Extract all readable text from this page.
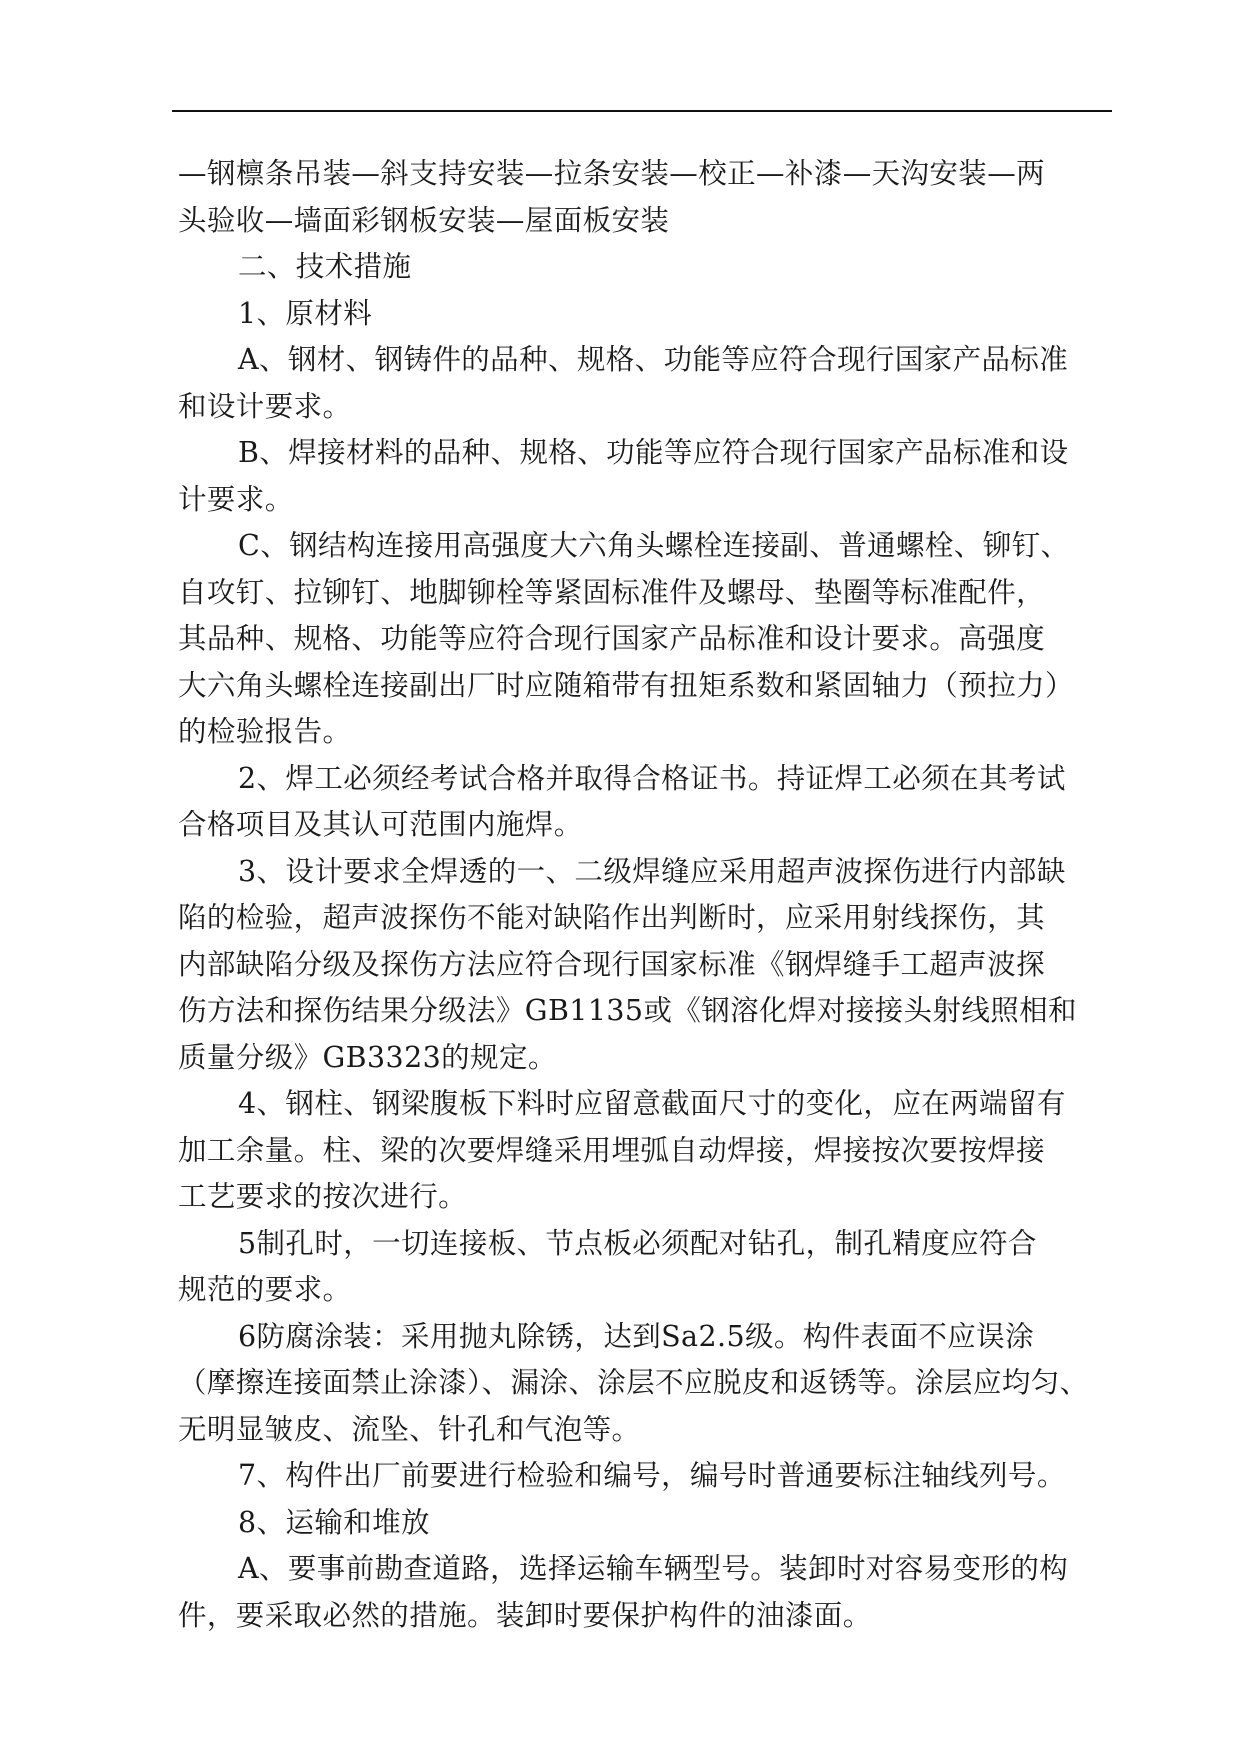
—钢檩条吊装—斜支持安装—拉条安装—校正—补漆—天沟安装—两
头验收—墙面彩钢板安装—屋面板安装
二、技术措施
1、原材料
A、钢材、钢铸件的品种、规格、功能等应符合现行国家产品标准
和设计要求。
B、焊接材料的品种、规格、功能等应符合现行国家产品标准和设
计要求。
C、钢结构连接用高强度大六角头螺栓连接副、普通螺栓、铆钉、
自攻钉、拉铆钉、地脚铆栓等紧固标准件及螺母、垫圈等标准配件，
其品种、规格、功能等应符合现行国家产品标准和设计要求。高强度
大六角头螺栓连接副出厂时应随箱带有扭矩系数和紧固轴力（预拉力）
的检验报告。
2、焊工必须经考试合格并取得合格证书。持证焊工必须在其考试
合格项目及其认可范围内施焊。
3、设计要求全焊透的一、二级焊缝应采用超声波探伤进行内部缺
陷的检验，超声波探伤不能对缺陷作出判断时，应采用射线探伤，其
内部缺陷分级及探伤方法应符合现行国家标准《钢焊缝手工超声波探
伤方法和探伤结果分级法》GB1135或《钢溶化焊对接接头射线照相和
质量分级》GB3323的规定。
4、钢柱、钢梁腹板下料时应留意截面尺寸的变化，应在两端留有
加工余量。柱、梁的次要焊缝采用埋弧自动焊接，焊接按次要按焊接
工艺要求的按次进行。
5制孔时，一切连接板、节点板必须配对钻孔，制孔精度应符合
规范的要求。
6防腐涂装：采用抛丸除锈，达到Sa2.5级。构件表面不应误涂
（摩擦连接面禁止涂漆）、漏涂、涂层不应脱皮和返锈等。涂层应均匀、
无明显皱皮、流坠、针孔和气泡等。
7、构件出厂前要进行检验和编号，编号时普通要标注轴线列号。
8、运输和堆放
A、要事前勘查道路，选择运输车辆型号。装卸时对容易变形的构
件，要采取必然的措施。装卸时要保护构件的油漆面。
